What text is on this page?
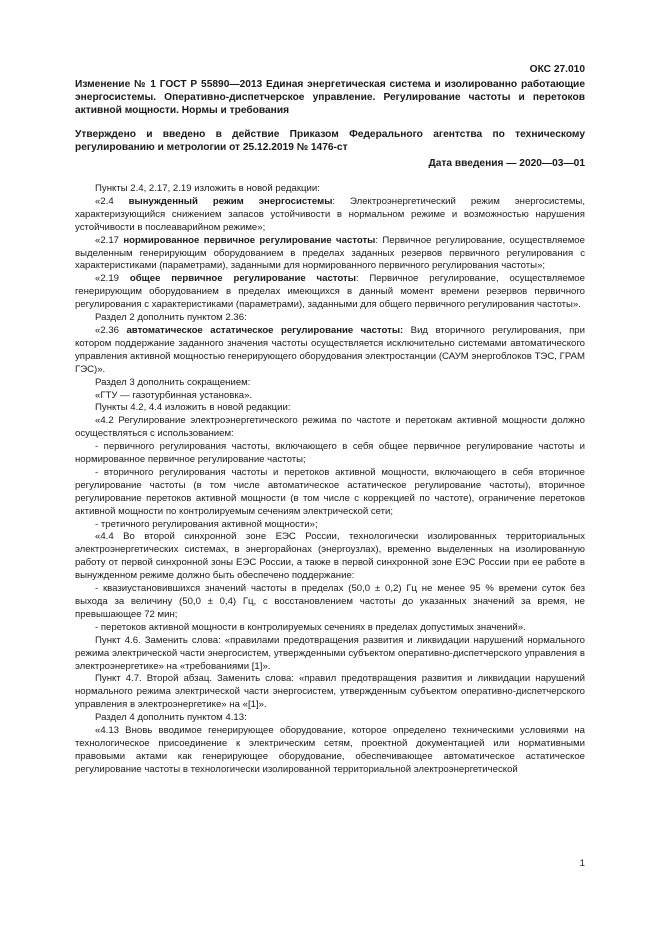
ОКС 27.010
Изменение № 1 ГОСТ Р 55890—2013 Единая энергетическая система и изолированно работающие энергосистемы. Оперативно-диспетчерское управление. Регулирование частоты и перетоков активной мощности. Нормы и требования
Утверждено и введено в действие Приказом Федерального агентства по техническому регулированию и метрологии от 25.12.2019 № 1476-ст
Дата введения — 2020—03—01

Пункты 2.4, 2.17, 2.19 изложить в новой редакции:

«2.4 вынужденный режим энергосистемы: Электроэнергетический режим энергосистемы, характеризующийся снижением запасов устойчивости в нормальном режиме и возможностью нарушения устойчивости в послеаварийном режиме»;

«2.17 нормированное первичное регулирование частоты: Первичное регулирование, осуществляемое выделенным генерирующим оборудованием в пределах заданных резервов первичного регулирования с характеристиками (параметрами), заданными для нормированного первичного регулирования частоты»;

«2.19 общее первичное регулирование частоты: Первичное регулирование, осуществляемое генерирующим оборудованием в пределах имеющихся в данный момент времени резервов первичного регулирования с характеристиками (параметрами), заданными для общего первичного регулирования частоты».

Раздел 2 дополнить пунктом 2.36:

«2.36 автоматическое астатическое регулирование частоты: Вид вторичного регулирования, при котором поддержание заданного значения частоты осуществляется исключительно системами автоматического управления активной мощностью генерирующего оборудования электростанции (САУМ энергоблоков ТЭС, ГРАМ ГЭС)».

Раздел 3 дополнить сокращением:

«ГТУ — газотурбинная установка».

Пункты 4.2, 4.4 изложить в новой редакции:

«4.2 Регулирование электроэнергетического режима по частоте и перетокам активной мощности должно осуществляться с использованием:

- первичного регулирования частоты, включающего в себя общее первичное регулирование частоты и нормированное первичное регулирование частоты;

- вторичного регулирования частоты и перетоков активной мощности, включающего в себя вторичное регулирование частоты (в том числе автоматическое астатическое регулирование частоты), вторичное регулирование перетоков активной мощности (в том числе с коррекцией по частоте), ограничение перетоков активной мощности по контролируемым сечениям электрической сети;

- третичного регулирования активной мощности»;

«4.4 Во второй синхронной зоне ЕЭС России, технологически изолированных территориальных электроэнергетических системах, в энергорайонах (энергоузлах), временно выделенных на изолированную работу от первой синхронной зоны ЕЭС России, а также в первой синхронной зоне ЕЭС России при ее работе в вынужденном режиме должно быть обеспечено поддержание:

- квазиустановившихся значений частоты в пределах (50,0 ± 0,2) Гц не менее 95 % времени суток без выхода за величину (50,0 ± 0,4) Гц, с восстановлением частоты до указанных значений за время, не превышающее 72 мин;

- перетоков активной мощности в контролируемых сечениях в пределах допустимых значений».

Пункт 4.6. Заменить слова: «правилами предотвращения развития и ликвидации нарушений нормального режима электрической части энергосистем, утвержденными субъектом оперативно-диспетчерского управления в электроэнергетике» на «требованиями [1]».

Пункт 4.7. Второй абзац. Заменить слова: «правил предотвращения развития и ликвидации нарушений нормального режима электрической части энергосистем, утвержденным субъектом оперативно-диспетчерского управления в электроэнергетике» на «[1]».

Раздел 4 дополнить пунктом 4.13:

«4.13 Вновь вводимое генерирующее оборудование, которое определено техническими условиями на технологическое присоединение к электрическим сетям, проектной документацией или нормативными правовыми актами как генерирующее оборудование, обеспечивающее автоматическое астатическое регулирование частоты в технологически изолированной территориальной электроэнергетической

1
